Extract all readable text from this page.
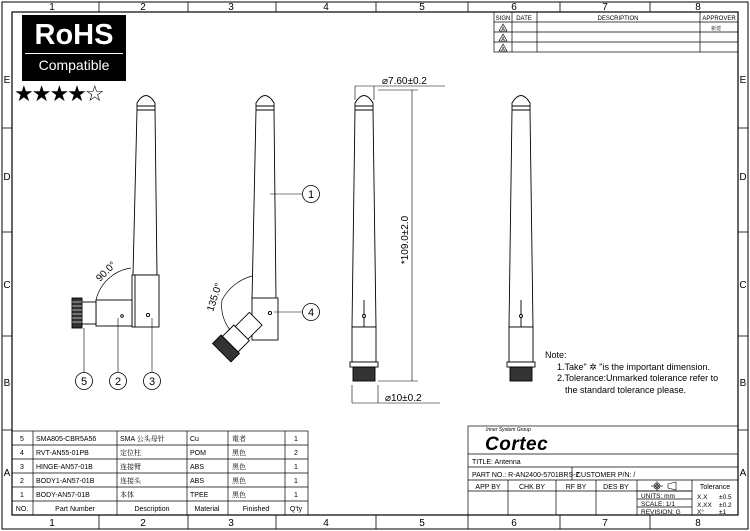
1	2	3	4	5	6	7	8
1	2	3	4	5	6	7	8
E
D
C
B
A
E
D
C
B
A
SIGN DATE	DESCRIPTION	APPROVER
新建
A
A
A
1
2	3
4
5
90.0°
135.0°
⌀7.60±0.2
*109.0±2.0
⌀10±0.2
5 SMA805-CBR5A56	SMA 公头母针	Cu	電者	1
4 RVT-AN55-01PB	定位柱	POM	黑色	2
3 HINGE-AN57-01B	连接臂	ABS	黑色	1
2 BODY1-AN57-01B	连接头	ABS	黑色	1
1 BODY-AN57-01B	本体	TPEE	黑色	1
NO.	Part Number	Description	Material	Finished	Q'ty
TITLE: Antenna
PART NO.: R-AN2400-5701BRS-Z
CUSTOMER P/N: /
APP BY	CHK BY	RF BY DES BY
UNITS: mm
SCALE: 1/1
REVISION: G
Tolerance
X.X ±0.5
X.XX ±0.2
X° ±1
RoHS
Compatible
★★★★☆
Note:
1.Take" ✲ "is the important dimension.
2.Tolerance:Unmarked tolerance refer to
the standard tolerance please.
Inner System Group
Cortec
